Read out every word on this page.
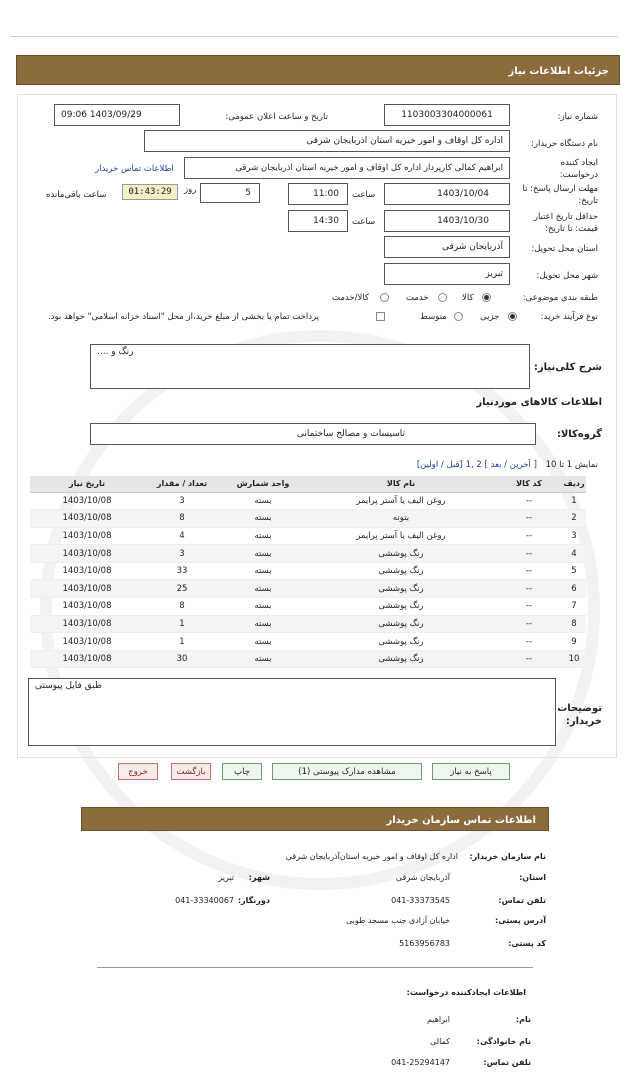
جزئیات اطلاعات نیاز
شماره نیاز:
1103003304000061
تاریخ و ساعت اعلان عمومی:
1403/09/29 09:06
نام دستگاه خریدار:
اداره کل اوقاف و امور خیریه استان اذربایجان شرقی
ایجاد کننده درخواست:
ابراهیم کمالی کارپرداز اداره کل اوقاف و امور خیریه استان اذربایجان شرقی
اطلاعات تماس خریدار
مهلت ارسال پاسخ: تا تاریخ:
1403/10/04
ساعت
11:00
5
روز
01:43:29
ساعت باقی‌مانده
حداقل تاریخ اعتبار قیمت: تا تاریخ:
1403/10/30
ساعت
14:30
استان محل تحویل:
آذربایجان شرقی
شهر محل تحویل:
تبریز
طبقه بندی موضوعی:
کالا
خدمت
کالا/خدمت
نوع فرآیند خرید:
جزیی
متوسط
پرداخت تمام یا بخشی از مبلغ خرید،از محل "اسناد خزانه اسلامی" خواهد بود.
شرح کلی‌نیاز:
رنگ و ....
اطلاعات کالاهای موردنیاز
گروه‌کالا:
تاسیسات و مصالح ساختمانی
نمایش 1 تا 10 [ آخرین / بعد ] 2 ,1 [قبل / اولین]
ردیف	کد کالا	نام کالا	واحد شمارش	تعداد / مقدار	تاریخ نیاز
1	--	روغن الیف یا آستر پرایمر	بسته	3	1403/10/08
2	--	بتونه	بسته	8	1403/10/08
3	--	روغن الیف یا آستر پرایمر	بسته	4	1403/10/08
4	--	رنگ پوششی	بسته	3	1403/10/08
5	--	رنگ پوششی	بسته	33	1403/10/08
6	--	رنگ پوششی	بسته	25	1403/10/08
7	--	رنگ پوششی	بسته	8	1403/10/08
8	--	رنگ پوششی	بسته	1	1403/10/08
9	--	رنگ پوششی	بسته	1	1403/10/08
10	--	رنگ پوششی	بسته	30	1403/10/08
توضیحات خریدار:
طبق فایل پیوستی
پاسخ به نیاز
مشاهده مدارک پیوستی (1)
چاپ
بازگشت
خروج
اطلاعات تماس سازمان خریدار
نام سازمان خریدار:
اداره کل اوقاف و امور خیریه استان‌آذربایجان شرقی
استان:
آذربایجان شرقی
شهر:
تبریز
تلفن تماس:
041-33373545
دورنگار:
041-33340067
آدرس پستی:
خیابان آزادی جنب مسجد طوبی
کد پستی:
5163956783
اطلاعات ایجادکننده درخواست:
نام:
ابراهیم
نام خانوادگی:
کمالی
تلفن تماس:
041-25294147
